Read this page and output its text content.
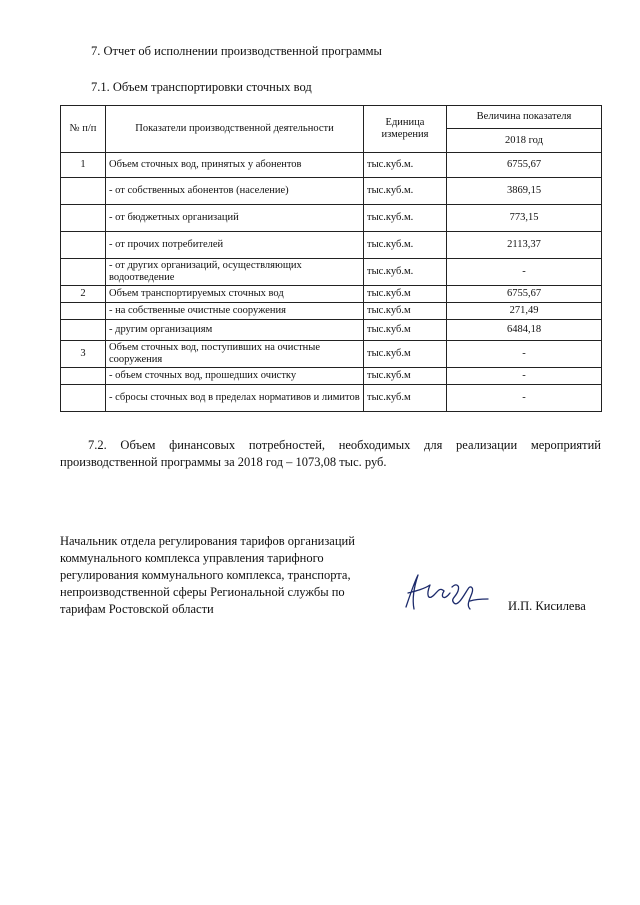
7. Отчет об исполнении производственной программы
7.1. Объем транспортировки сточных вод
№ п/п	Показатели производственной деятельности	Единица измерения	Величина показателя
			2018 год
1	Объем сточных вод, принятых у абонентов	тыс.куб.м.	6755,67
	- от собственных абонентов (население)	тыс.куб.м.	3869,15
	- от бюджетных организаций	тыс.куб.м.	773,15
	- от прочих потребителей	тыс.куб.м.	2113,37
	- от других организаций, осуществляющих водоотведение	тыс.куб.м.	-
2	Объем транспортируемых сточных вод	тыс.куб.м	6755,67
	- на собственные очистные сооружения	тыс.куб.м	271,49
	- другим организациям	тыс.куб.м	6484,18
3	Объем сточных вод, поступивших на очистные сооружения	тыс.куб.м	-
	- объем сточных вод, прошедших очистку	тыс.куб.м	-
	- сбросы сточных вод в пределах нормативов и лимитов	тыс.куб.м	-
7.2. Объем финансовых потребностей, необходимых для реализации мероприятий производственной программы за 2018 год – 1073,08 тыс. руб.
Начальник отдела регулирования тарифов организаций коммунального комплекса управления тарифного регулирования коммунального комплекса, транспорта, непроизводственной сферы Региональной службы по тарифам Ростовской области	И.П. Кисилева
